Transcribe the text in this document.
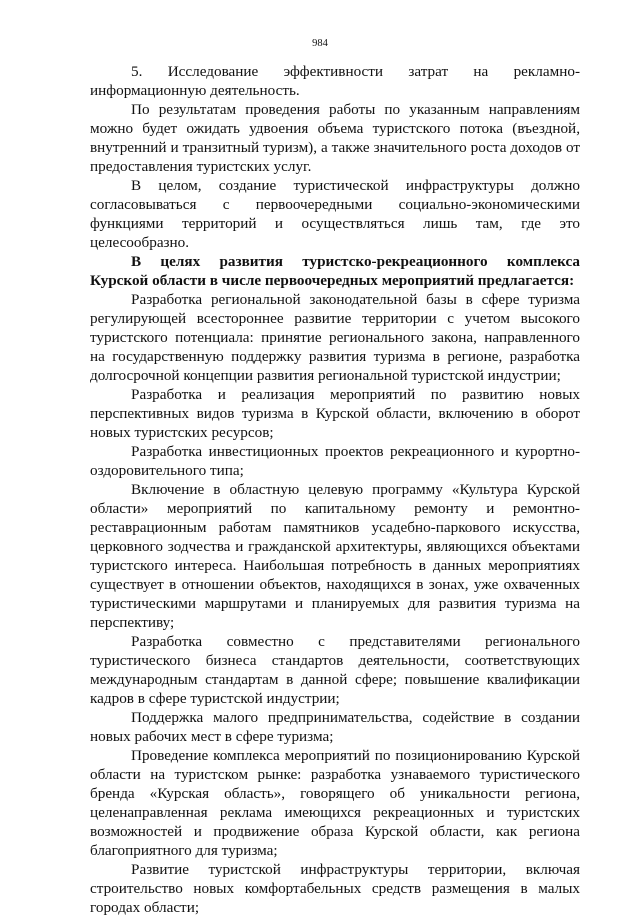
984

5. Исследование эффективности затрат на рекламно-информационную деятельность.

По результатам проведения работы по указанным направлениям можно будет ожидать удвоения объема туристского потока (въездной, внутренний и транзитный туризм), а также значительного роста доходов от предоставления туристских услуг.

В целом, создание туристической инфраструктуры должно согласовываться с первоочередными социально-экономическими функциями территорий и осуществляться лишь там, где это целесообразно.

В целях развития туристско-рекреационного комплекса Курской области в числе первоочередных мероприятий предлагается:

Разработка региональной законодательной базы в сфере туризма регулирующей всестороннее развитие территории с учетом высокого туристского потенциала: принятие регионального закона, направленного на государственную поддержку развития туризма в регионе, разработка долгосрочной концепции развития региональной туристской индустрии;

Разработка и реализация мероприятий по развитию новых перспективных видов туризма в Курской области, включению в оборот новых туристских ресурсов;

Разработка инвестиционных проектов рекреационного и курортно-оздоровительного типа;

Включение в областную целевую программу «Культура Курской области» мероприятий по капитальному ремонту и ремонтно-реставрационным работам памятников усадебно-паркового искусства, церковного зодчества и гражданской архитектуры, являющихся объектами туристского интереса. Наибольшая потребность в данных мероприятиях существует в отношении объектов, находящихся в зонах, уже охваченных туристическими маршрутами и планируемых для развития туризма на перспективу;

Разработка совместно с представителями регионального туристического бизнеса стандартов деятельности, соответствующих международным стандартам в данной сфере; повышение квалификации кадров в сфере туристской индустрии;

Поддержка малого предпринимательства, содействие в создании новых рабочих мест в сфере туризма;

Проведение комплекса мероприятий по позиционированию Курской области на туристском рынке: разработка узнаваемого туристического бренда «Курская область», говорящего об уникальности региона, целенаправленная реклама имеющихся рекреационных и туристских возможностей и продвижение образа Курской области, как региона благоприятного для туризма;

Развитие туристской инфраструктуры территории, включая строительство новых комфортабельных средств размещения в малых городах области;
